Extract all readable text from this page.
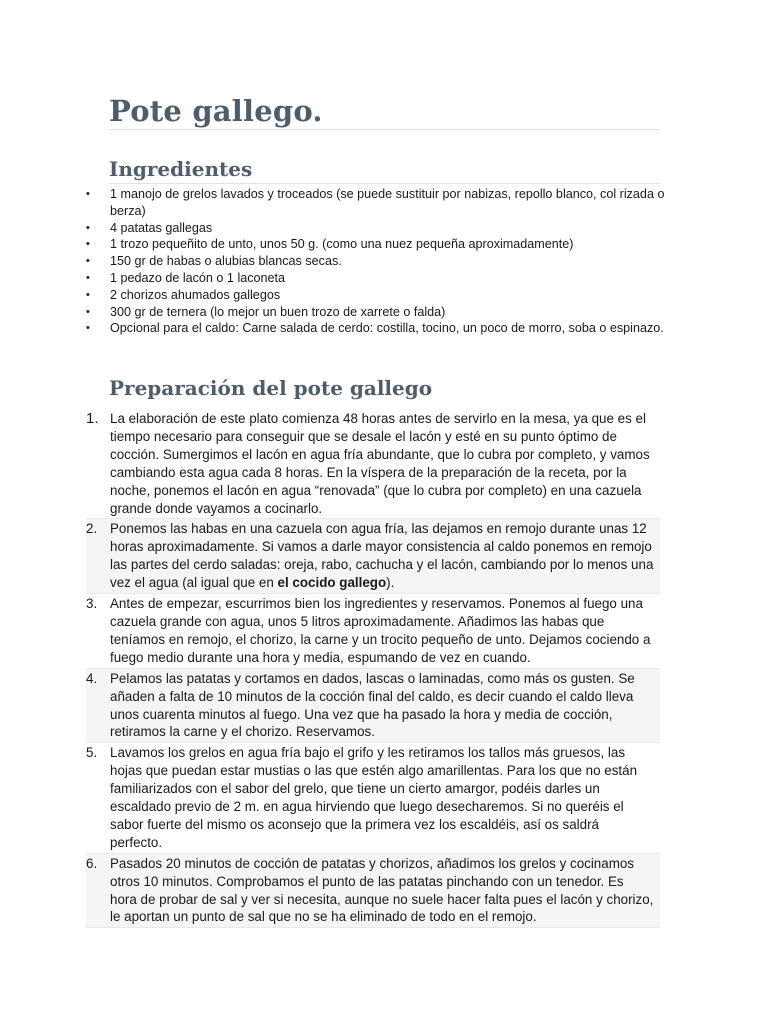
Pote gallego.
Ingredientes
•	1 manojo de grelos lavados y troceados (se puede sustituir por nabizas, repollo blanco, col rizada o berza)
•	4 patatas gallegas
•	1 trozo pequeñito de unto, unos 50 g. (como una nuez pequeña aproximadamente)
•	150 gr de habas o alubias blancas secas.
•	1 pedazo de lacón o 1 laconeta
•	2 chorizos ahumados gallegos
•	300 gr de ternera (lo mejor un buen trozo de xarrete o falda)
•	Opcional para el caldo: Carne salada de cerdo: costilla, tocino, un poco de morro, soba o espinazo.
Preparación del pote gallego
1. La elaboración de este plato comienza 48 horas antes de servirlo en la mesa, ya que es el tiempo necesario para conseguir que se desale el lacón y esté en su punto óptimo de cocción. Sumergimos el lacón en agua fría abundante, que lo cubra por completo, y vamos cambiando esta agua cada 8 horas. En la víspera de la preparación de la receta, por la noche, ponemos el lacón en agua “renovada” (que lo cubra por completo) en una cazuela grande donde vayamos a cocinarlo.
2. Ponemos las habas en una cazuela con agua fría, las dejamos en remojo durante unas 12 horas aproximadamente. Si vamos a darle mayor consistencia al caldo ponemos en remojo las partes del cerdo saladas: oreja, rabo, cachucha y el lacón, cambiando por lo menos una vez el agua (al igual que en el cocido gallego).
3. Antes de empezar, escurrimos bien los ingredientes y reservamos. Ponemos al fuego una cazuela grande con agua, unos 5 litros aproximadamente. Añadimos las habas que teníamos en remojo, el chorizo, la carne y un trocito pequeño de unto. Dejamos cociendo a fuego medio durante una hora y media, espumando de vez en cuando.
4. Pelamos las patatas y cortamos en dados, lascas o laminadas, como más os gusten. Se añaden a falta de 10 minutos de la cocción final del caldo, es decir cuando el caldo lleva unos cuarenta minutos al fuego. Una vez que ha pasado la hora y media de cocción, retiramos la carne y el chorizo. Reservamos.
5. Lavamos los grelos en agua fría bajo el grifo y les retiramos los tallos más gruesos, las hojas que puedan estar mustias o las que estén algo amarillentas. Para los que no están familiarizados con el sabor del grelo, que tiene un cierto amargor, podéis darles un escaldado previo de 2 m. en agua hirviendo que luego desecharemos. Si no queréis el sabor fuerte del mismo os aconsejo que la primera vez los escaldéis, así os saldrá perfecto.
6. Pasados 20 minutos de cocción de patatas y chorizos, añadimos los grelos y cocinamos otros 10 minutos. Comprobamos el punto de las patatas pinchando con un tenedor. Es hora de probar de sal y ver si necesita, aunque no suele hacer falta pues el lacón y chorizo, le aportan un punto de sal que no se ha eliminado de todo en el remojo.
